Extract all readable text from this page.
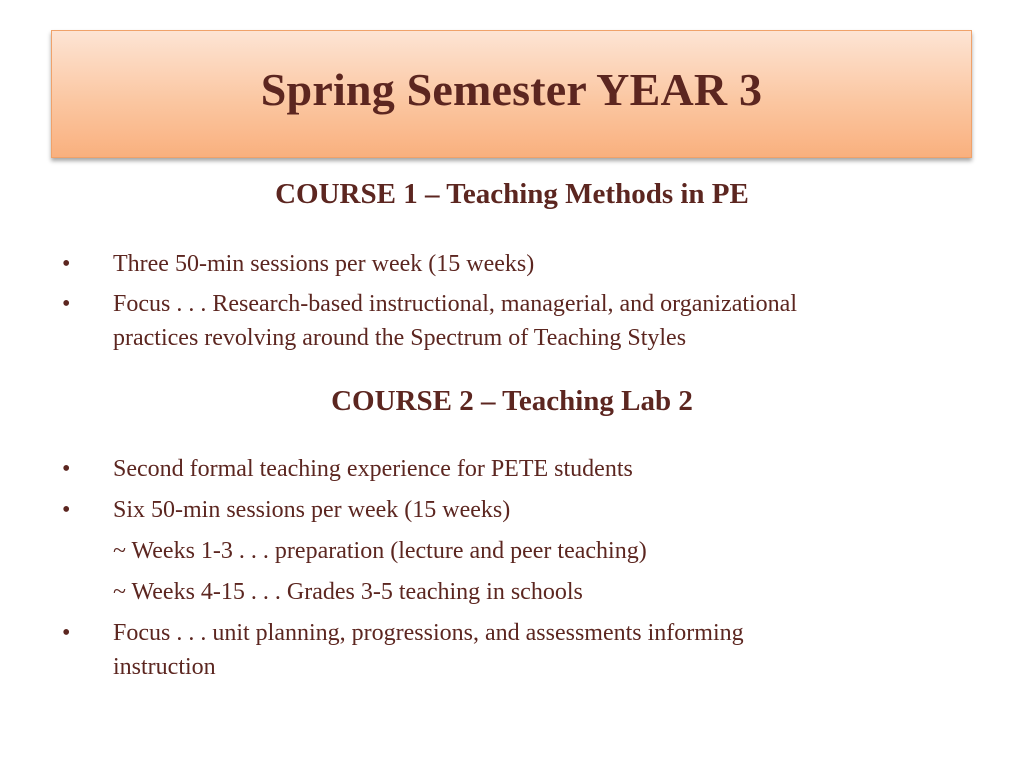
Spring Semester YEAR 3
COURSE 1 – Teaching Methods in PE
• Three 50-min sessions per week (15 weeks)
• Focus . . . Research-based instructional, managerial, and organizational
practices revolving around the Spectrum of Teaching Styles
COURSE 2 – Teaching Lab 2
• Second formal teaching experience for PETE students
• Six 50-min sessions per week (15 weeks)
~ Weeks 1-3 . . . preparation (lecture and peer teaching)
~ Weeks 4-15 . . . Grades 3-5 teaching in schools
• Focus . . . unit planning, progressions, and assessments informing
instruction
